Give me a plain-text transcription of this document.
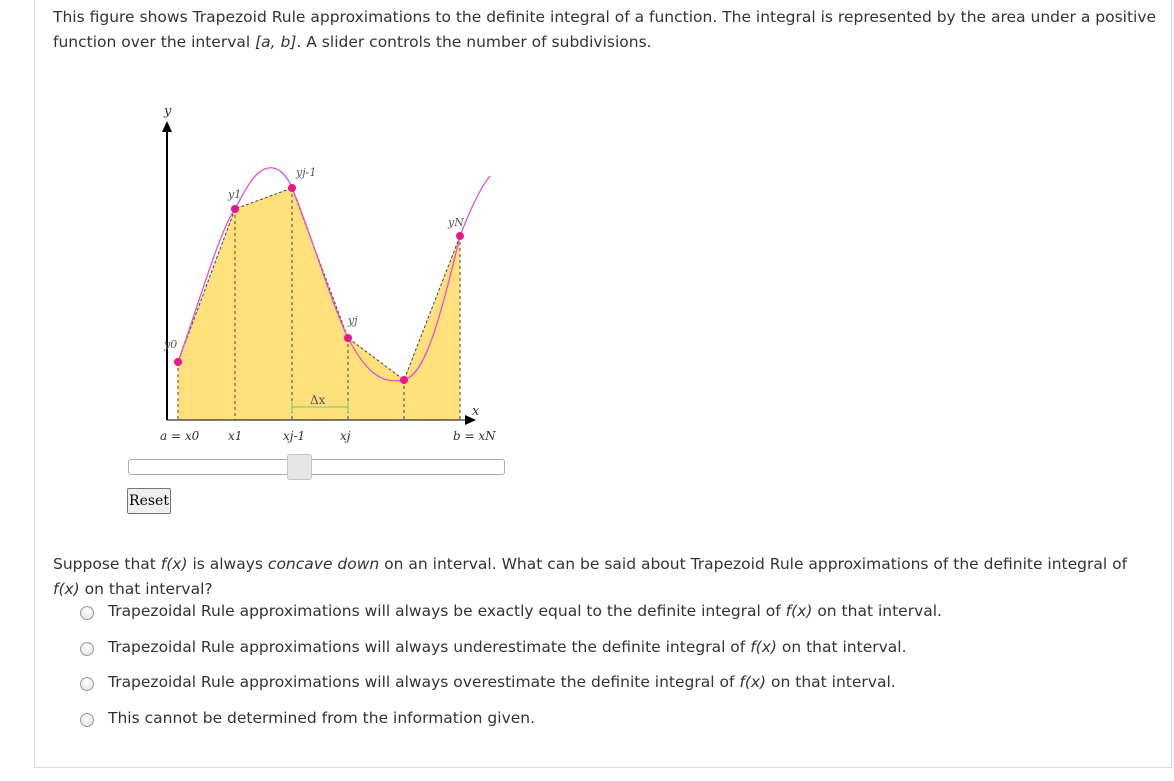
This figure shows Trapezoid Rule approximations to the definite integral of a function. The integral is represented by the area under a positive function over the interval [a, b]. A slider controls the number of subdivisions.
y
x
Δx
y0
y1
yj-1
yj
yN
a = x0 x1	xj-1	xj	b = xN
Reset
Suppose that f(x) is always concave down on an interval. What can be said about Trapezoid Rule approximations of the definite integral of f(x) on that interval?
Trapezoidal Rule approximations will always be exactly equal to the definite integral of f(x) on that interval.
Trapezoidal Rule approximations will always underestimate the definite integral of f(x) on that interval.
Trapezoidal Rule approximations will always overestimate the definite integral of f(x) on that interval.
This cannot be determined from the information given.
